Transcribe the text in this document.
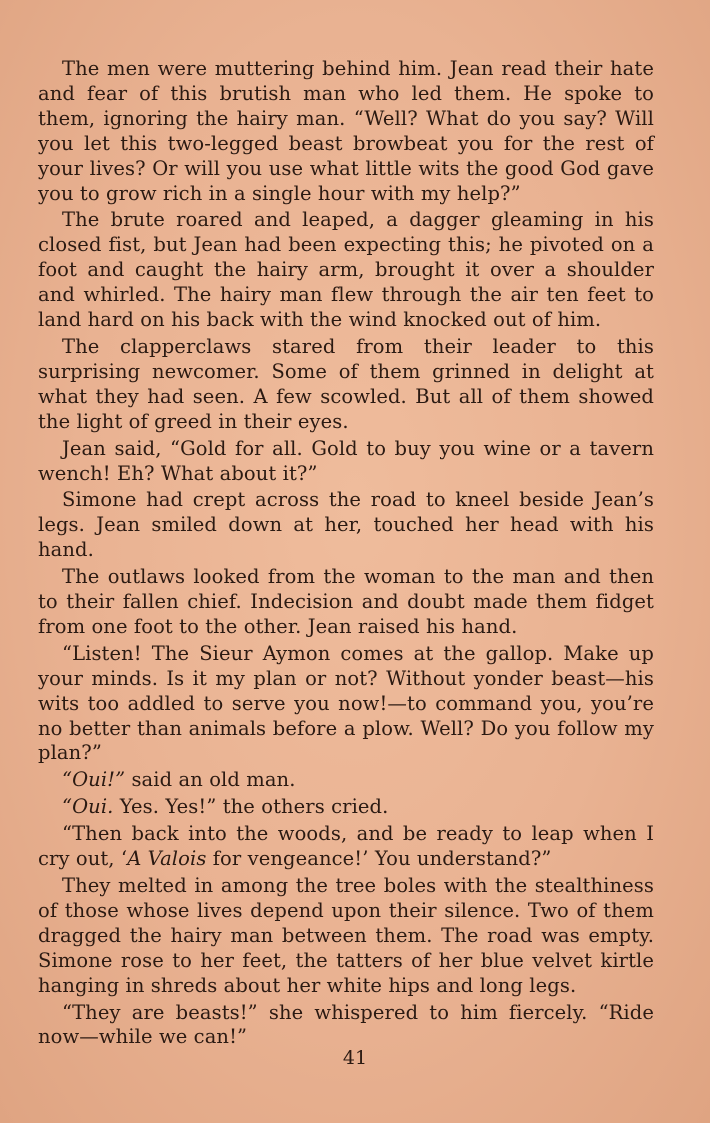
The men were muttering behind him. Jean read their hate and fear of this brutish man who led them. He spoke to them, ignoring the hairy man. “Well? What do you say? Will you let this two-legged beast browbeat you for the rest of your lives? Or will you use what little wits the good God gave you to grow rich in a single hour with my help?”

The brute roared and leaped, a dagger gleaming in his closed fist, but Jean had been expecting this; he pivoted on a foot and caught the hairy arm, brought it over a shoulder and whirled. The hairy man flew through the air ten feet to land hard on his back with the wind knocked out of him.

The clapperclaws stared from their leader to this surprising newcomer. Some of them grinned in delight at what they had seen. A few scowled. But all of them showed the light of greed in their eyes.

Jean said, “Gold for all. Gold to buy you wine or a tavern wench! Eh? What about it?”

Simone had crept across the road to kneel beside Jean’s legs. Jean smiled down at her, touched her head with his hand.

The outlaws looked from the woman to the man and then to their fallen chief. Indecision and doubt made them fidget from one foot to the other. Jean raised his hand.

“Listen! The Sieur Aymon comes at the gallop. Make up your minds. Is it my plan or not? Without yonder beast—his wits too addled to serve you now!—to command you, you’re no better than animals before a plow. Well? Do you follow my plan?”

“Oui!” said an old man.

“Oui. Yes. Yes!” the others cried.

“Then back into the woods, and be ready to leap when I cry out, ‘A Valois for vengeance!’ You understand?”

They melted in among the tree boles with the stealthiness of those whose lives depend upon their silence. Two of them dragged the hairy man between them. The road was empty. Simone rose to her feet, the tatters of her blue velvet kirtle hanging in shreds about her white hips and long legs.

“They are beasts!” she whispered to him fiercely. “Ride now—while we can!”

41
